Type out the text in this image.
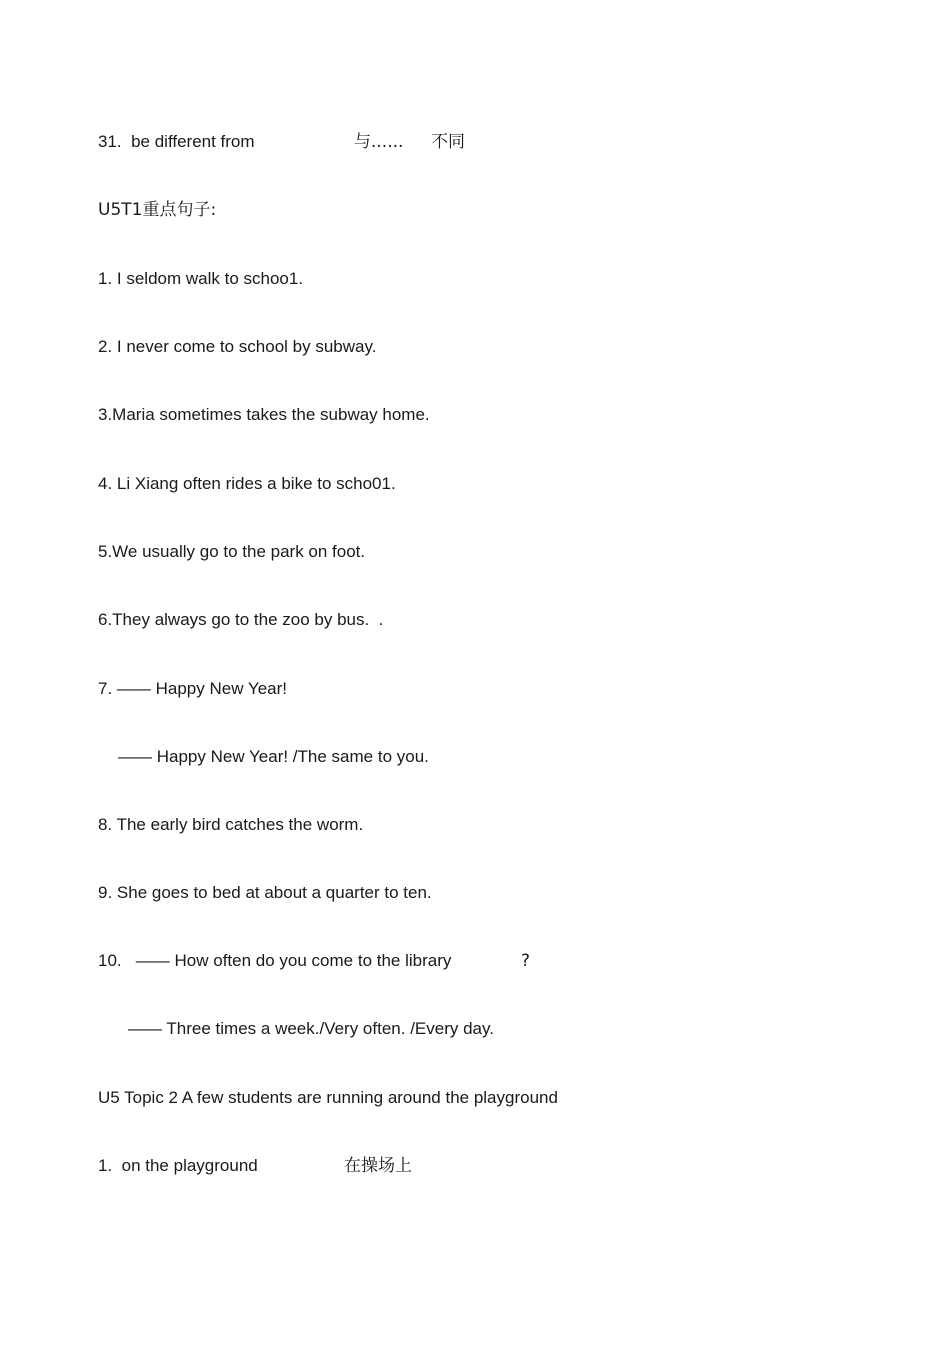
31.  be different from	与...... 不同
U5T1重点句子:
1. I seldom walk to schoo1.
2. I never come to school by subway.
3.Maria sometimes takes the subway home.
4. Li Xiang often rides a bike to scho01.
5.We usually go to the park on foot.
6.They always go to the zoo by bus.  .
7. —— Happy New Year!
—— Happy New Year! /The same to you.
8. The early bird catches the worm.
9. She goes to bed at about a quarter to ten.
10.   —— How often do you come to the library	?
—— Three times a week./Very often. /Every day.
U5 Topic 2 A few students are running around the playground
1.  on the playground	在操场上
